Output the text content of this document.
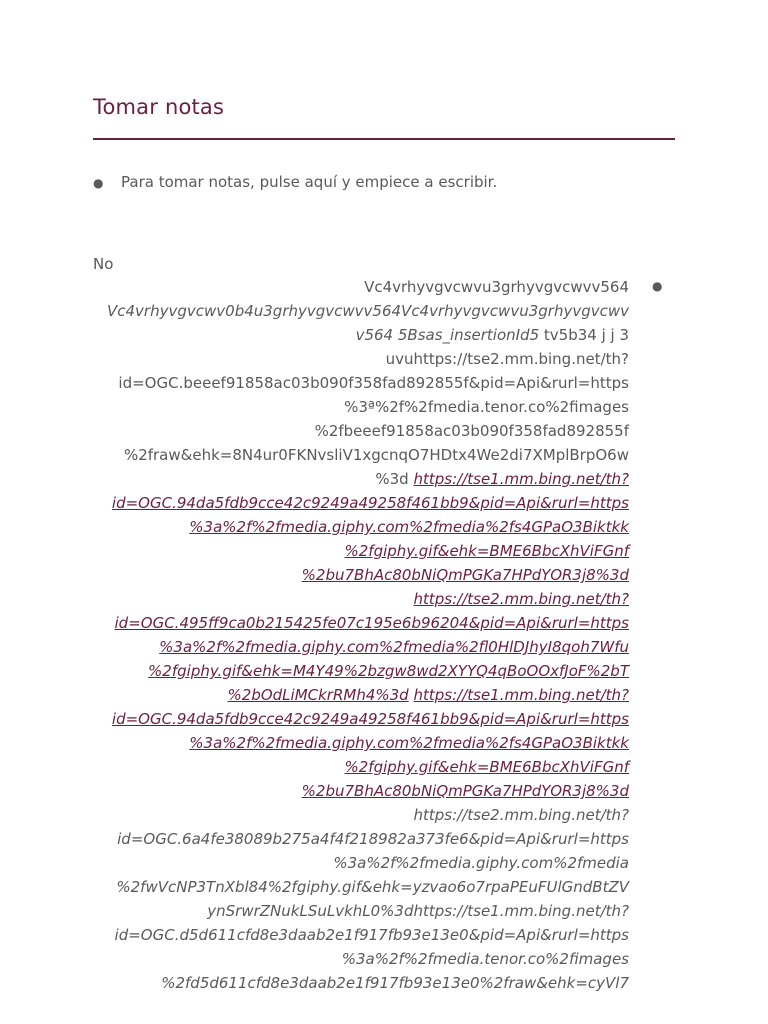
Tomar notas
● Para tomar notas, pulse aquí y empiece a escribir.
No
●
Vc4vrhyvgvcwvu3grhyvgvcwvv564
Vc4vrhyvgvcwv0b4u3grhyvgvcwvv564Vc4vrhyvgvcwvu3grhyvgvcwv
v564 5Bsas_insertionId5 tv5b34 j j 3
uvuhttps://tse2.mm.bing.net/th?
id=OGC.beeef91858ac03b090f358fad892855f&pid=Api&rurl=https
%3ª%2f%2fmedia.tenor.co%2fimages
%2fbeeef91858ac03b090f358fad892855f
%2fraw&ehk=8N4ur0FKNvsliV1xgcnqO7HDtx4We2di7XMplBrpO6w
%3d https://tse1.mm.bing.net/th?
id=OGC.94da5fdb9cce42c9249a49258f461bb9&pid=Api&rurl=https
%3a%2f%2fmedia.giphy.com%2fmedia%2fs4GPaO3Biktkk
%2fgiphy.gif&ehk=BME6BbcXhViFGnf
%2bu7BhAc80bNiQmPGKa7HPdYOR3j8%3d
https://tse2.mm.bing.net/th?
id=OGC.495ff9ca0b215425fe07c195e6b96204&pid=Api&rurl=https
%3a%2f%2fmedia.giphy.com%2fmedia%2fl0HlDJhyI8qoh7Wfu
%2fgiphy.gif&ehk=M4Y49%2bzgw8wd2XYYQ4qBoOOxfJoF%2bT
%2bOdLiMCkrRMh4%3d https://tse1.mm.bing.net/th?
id=OGC.94da5fdb9cce42c9249a49258f461bb9&pid=Api&rurl=https
%3a%2f%2fmedia.giphy.com%2fmedia%2fs4GPaO3Biktkk
%2fgiphy.gif&ehk=BME6BbcXhViFGnf
%2bu7BhAc80bNiQmPGKa7HPdYOR3j8%3d
https://tse2.mm.bing.net/th?
id=OGC.6a4fe38089b275a4f4f218982a373fe6&pid=Api&rurl=https
%3a%2f%2fmedia.giphy.com%2fmedia
%2fwVcNP3TnXbl84%2fgiphy.gif&ehk=yzvao6o7rpaPEuFUlGndBtZV
ynSrwrZNukLSuLvkhL0%3dhttps://tse1.mm.bing.net/th?
id=OGC.d5d611cfd8e3daab2e1f917fb93e13e0&pid=Api&rurl=https
%3a%2f%2fmedia.tenor.co%2fimages
%2fd5d611cfd8e3daab2e1f917fb93e13e0%2fraw&ehk=cyVl7
